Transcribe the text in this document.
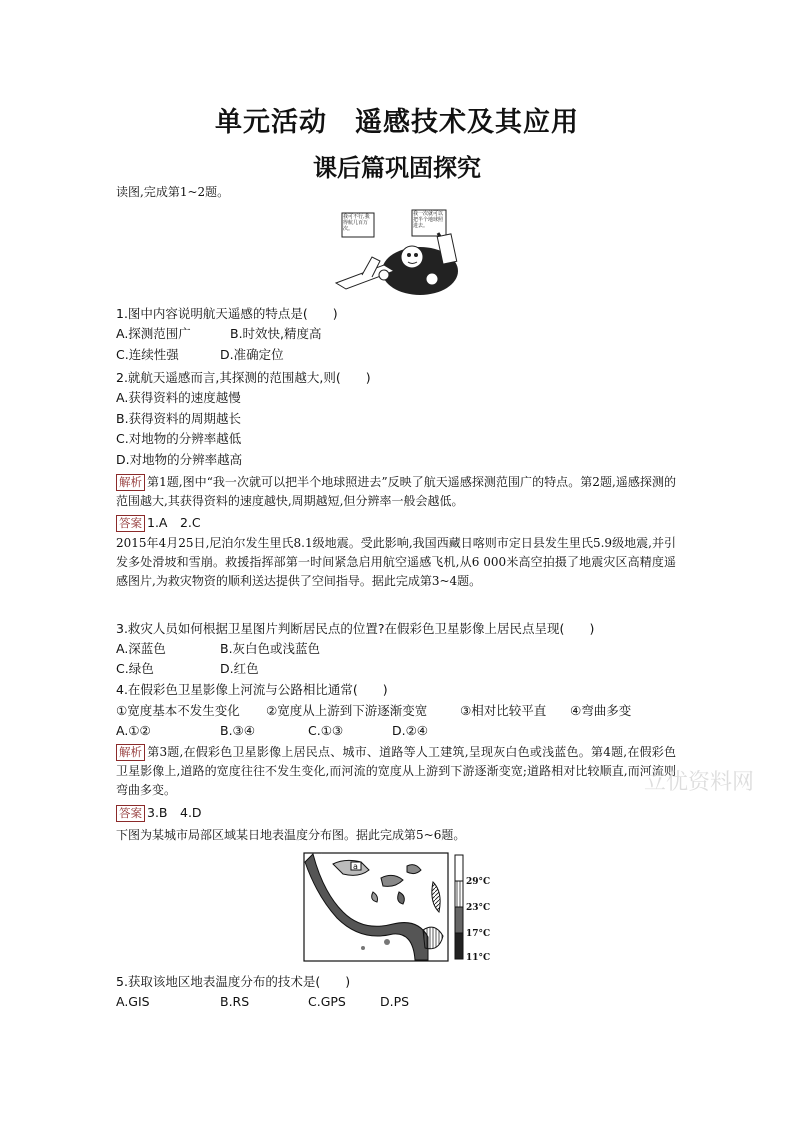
单元活动　遥感技术及其应用
课后篇巩固探究
读图,完成第1~2题。
我可不行,我得航几百万次。
我一次就可以把半个地球照进去。
1.图中内容说明航天遥感的特点是(　　)
A.探测范围广	B.时效快,精度高
C.连续性强	D.准确定位
2.就航天遥感而言,其探测的范围越大,则(　　)
A.获得资料的速度越慢
B.获得资料的周期越长
C.对地物的分辨率越低
D.对地物的分辨率越高
解析 第1题,图中“我一次就可以把半个地球照进去”反映了航天遥感探测范围广的特点。第2题,遥感探测的范围越大,其获得资料的速度越快,周期越短,但分辨率一般会越低。
答案 1.A　2.C
2015年4月25日,尼泊尔发生里氏8.1级地震。受此影响,我国西藏日喀则市定日县发生里氏5.9级地震,并引发多处滑坡和雪崩。救援指挥部第一时间紧急启用航空遥感飞机,从6 000米高空拍摄了地震灾区高精度遥感图片,为救灾物资的顺利送达提供了空间指导。据此完成第3~4题。
3.救灾人员如何根据卫星图片判断居民点的位置?在假彩色卫星影像上居民点呈现(　　)
A.深蓝色	B.灰白色或浅蓝色
C.绿色	D.红色
4.在假彩色卫星影像上河流与公路相比通常(　　)
①宽度基本不发生变化 ②宽度从上游到下游逐渐变宽	③相对比较平直 ④弯曲多变
A.①②	B.③④	C.①③	D.②④
解析 第3题,在假彩色卫星影像上居民点、城市、道路等人工建筑,呈现灰白色或浅蓝色。第4题,在假彩色卫星影像上,道路的宽度往往不发生变化,而河流的宽度从上游到下游逐渐变宽;道路相对比较顺直,而河流则弯曲多变。	立优资料网
答案 3.B　4.D
下图为某城市局部区域某日地表温度分布图。据此完成第5~6题。
a
29°C
23°C
17°C
11°C
5.获取该地区地表温度分布的技术是(　　)
A.GIS	B.RS	C.GPS	D.PS
